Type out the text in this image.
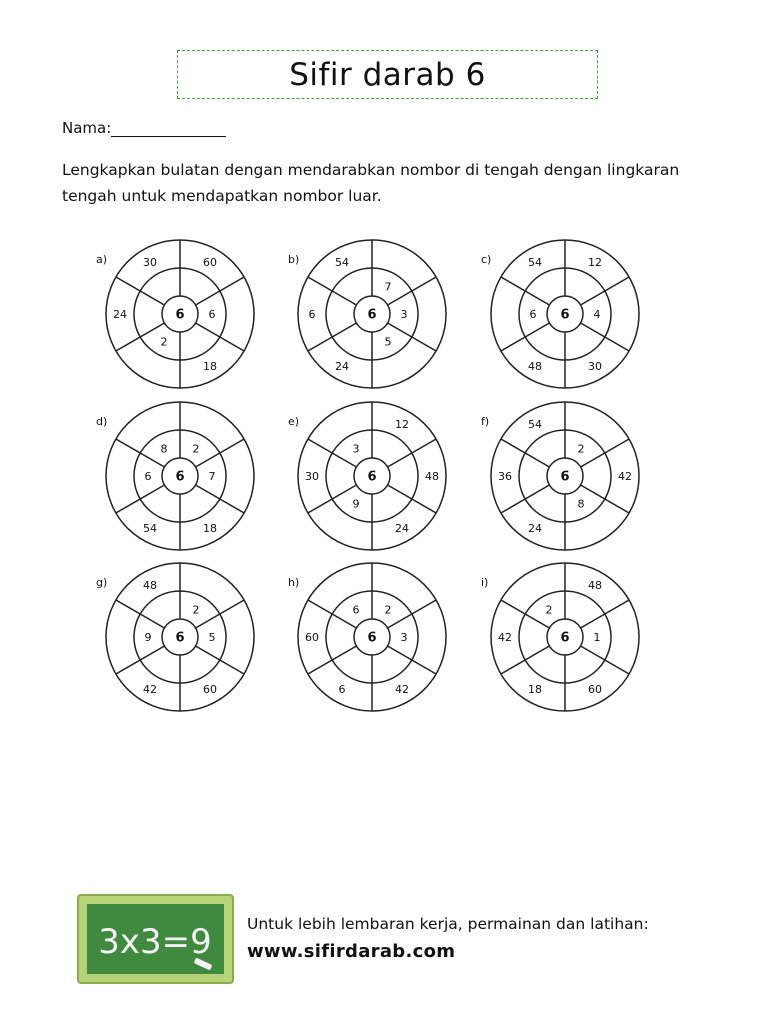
Sifir darab 6
Nama:
Lengkapkan bulatan dengan mendarabkan nombor di tengah dengan lingkaran tengah untuk mendapatkan nombor luar.
a)
6
60
6
18
2
24
30	b)
6
7
3
5
24
6
54	c)
6
12
4
30
48
6
54
d)
6
2
7
18
54
6
8
e)
6
12
48
24
9
30
3
f)
6
2
42
8
24
36
54
g)
6
2
5
60
42
9
48	h)
6
2
3
42
6
60
6
i)
6
48
1
60
18
42
2
3x3=9 Untuk lebih lembaran kerja, permainan dan latihan:
www.sifirdarab.com
